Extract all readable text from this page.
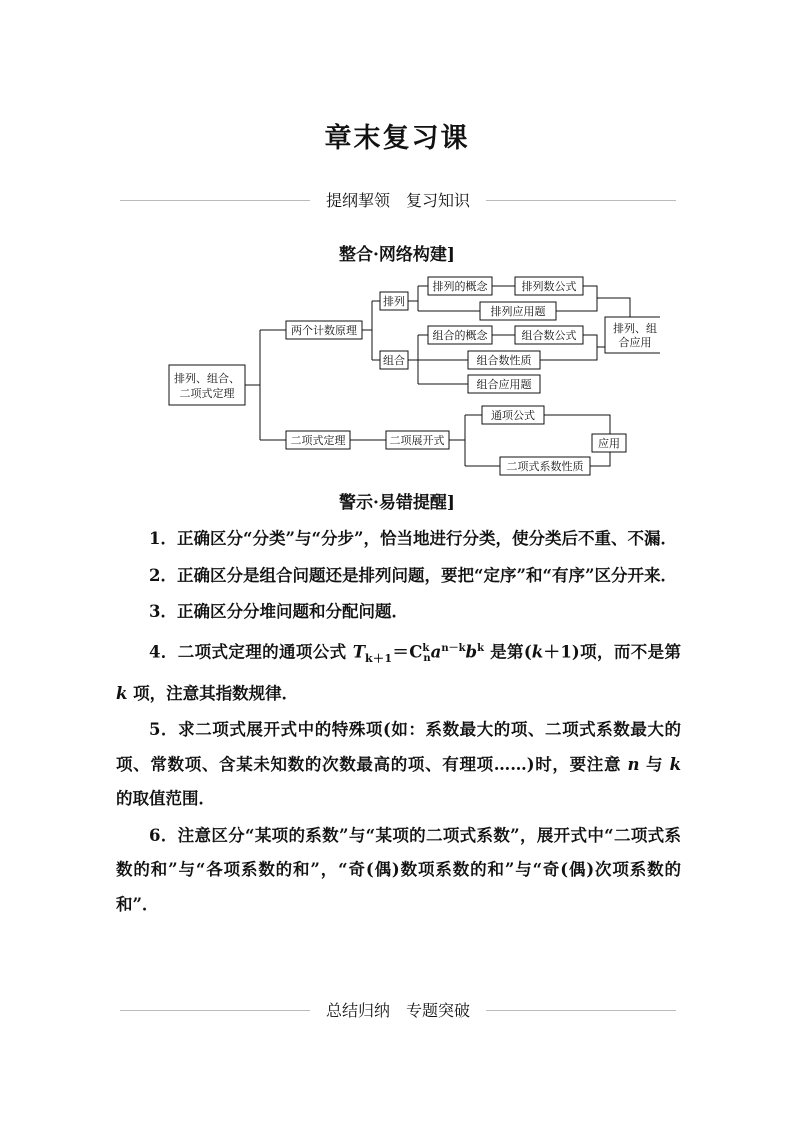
章末复习课
提纲挈领　复习知识
整合·网络构建]
排列、组合、
二项式定理
两个计数原理
排列
排列的概念	排列数公式
排列应用题
组合
组合的概念	组合数公式
组合数性质
组合应用题
排列、组
合应用
二项式定理	二项展开式
通项公式
二项式系数性质
应用
警示·易错提醒]

1．正确区分“分类”与“分步”，恰当地进行分类，使分类后不重、不漏．

2．正确区分是组合问题还是排列问题，要把“定序”和“有序”区分开来．

3．正确区分分堆问题和分配问题．

4．二项式定理的通项公式 $T_{k+1}=C^k_na^{n-k}b^k$ 是第(k＋1)项，而不是第 k 项，注意其指数规律．

5．求二项式展开式中的特殊项(如：系数最大的项、二项式系数最大的项、常数项、含某未知数的次数最高的项、有理项……)时，要注意 n 与 k 的取值范围．

6．注意区分“某项的系数”与“某项的二项式系数”，展开式中“二项式系数的和”与“各项系数的和”，“奇(偶)数项系数的和”与“奇(偶)次项系数的和”．

总结归纳　专题突破
